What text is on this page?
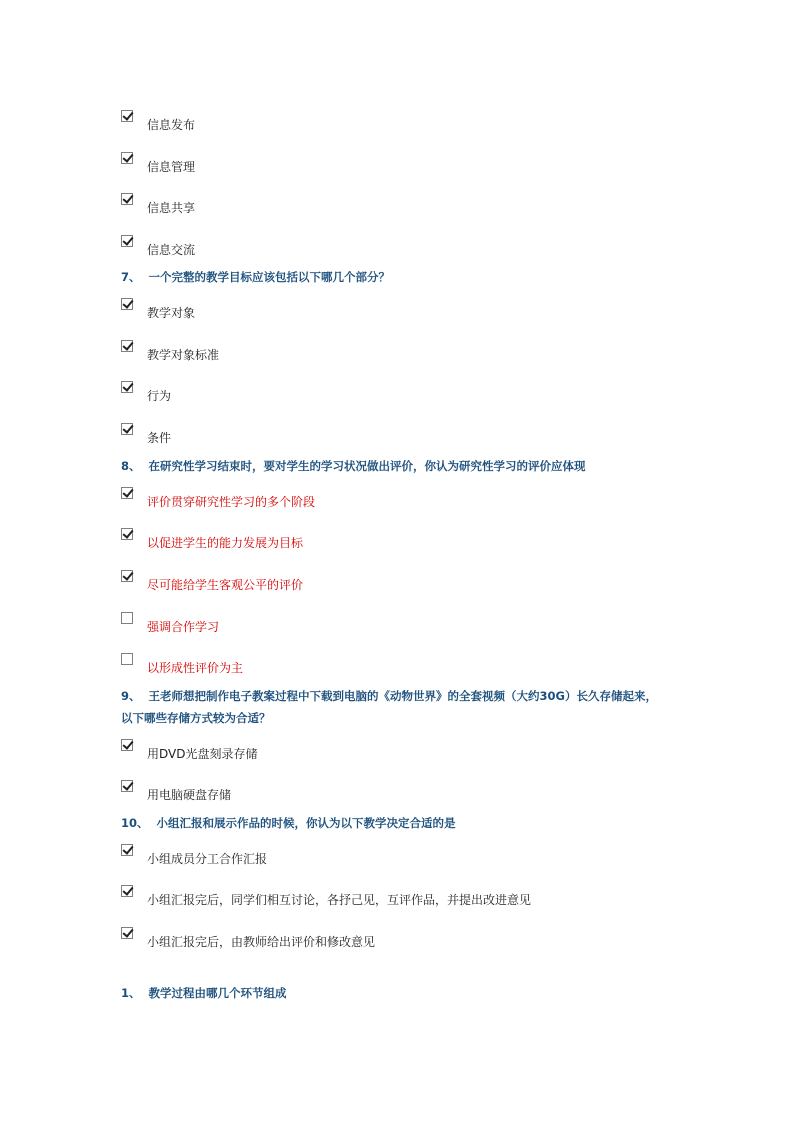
信息发布
信息管理
信息共享
信息交流
7、 一个完整的教学目标应该包括以下哪几个部分？
教学对象
教学对象标准
行为
条件
8、 在研究性学习结束时，要对学生的学习状况做出评价，你认为研究性学习的评价应体现
评价贯穿研究性学习的多个阶段
以促进学生的能力发展为目标
尽可能给学生客观公平的评价
强调合作学习
以形成性评价为主
9、 王老师想把制作电子教案过程中下载到电脑的《动物世界》的全套视频（大约30G）长久存储起来，
以下哪些存储方式较为合适？
用DVD光盘刻录存储
用电脑硬盘存储
10、 小组汇报和展示作品的时候，你认为以下教学决定合适的是
小组成员分工合作汇报
小组汇报完后，同学们相互讨论，各抒己见，互评作品，并提出改进意见
小组汇报完后，由教师给出评价和修改意见
1、 教学过程由哪几个环节组成
